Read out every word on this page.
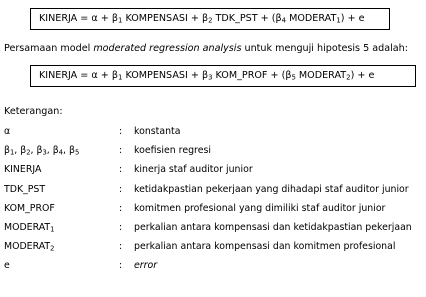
KINERJA = $\alpha + \beta_1$ KOMPENSASI + $\beta_2$ TDK_PST + ($\beta_4$ $MODERAT_1) + e$
Persamaan model moderated regression analysis untuk menguji hipotesis 5 adalah:
KINERJA = $\alpha + \beta_1$ KOMPENSASI + $\beta_3$ KOM_PROF + ($\beta_5$ $MODERAT_2) + e$
Keterangan:
α	: konstanta
$\beta_1$, $\beta_2$, $\beta_3$, $\beta_4$, $\beta_5$	: koefisien regresi
KINERJA	: kinerja staf auditor junior
TDK_PST	: ketidakpastian pekerjaan yang dihadapi staf auditor junior
KOM_PROF	: komitmen profesional yang dimiliki staf auditor junior
$MODERAT_1$	: perkalian antara kompensasi dan ketidakpastian pekerjaan
$MODERAT_2$	: perkalian antara kompensasi dan komitmen profesional
e	: error
